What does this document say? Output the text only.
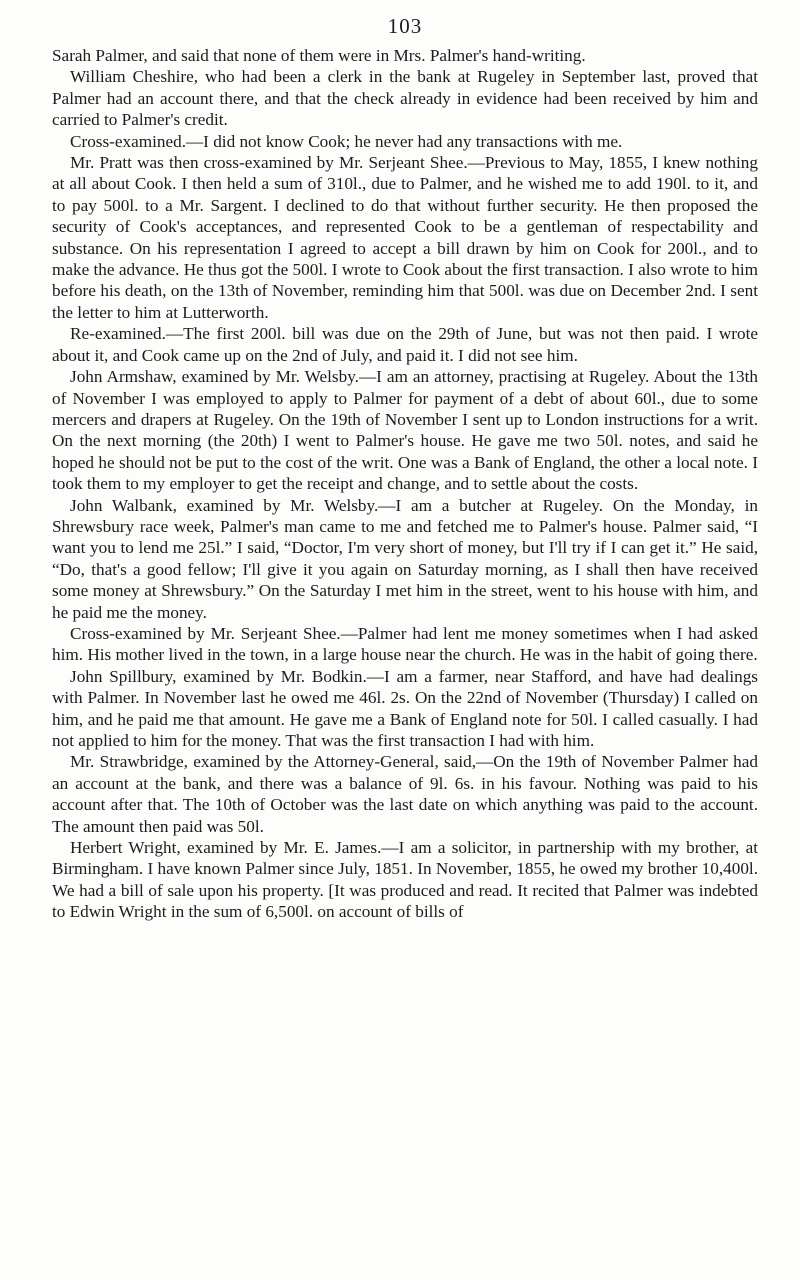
103

Sarah Palmer, and said that none of them were in Mrs. Palmer's hand-writing.

William Cheshire, who had been a clerk in the bank at Rugeley in September last, proved that Palmer had an account there, and that the check already in evidence had been received by him and carried to Palmer's credit.

Cross-examined.—I did not know Cook; he never had any transactions with me.

Mr. Pratt was then cross-examined by Mr. Serjeant Shee.—Previous to May, 1855, I knew nothing at all about Cook. I then held a sum of 310l., due to Palmer, and he wished me to add 190l. to it, and to pay 500l. to a Mr. Sargent. I declined to do that without further security. He then proposed the security of Cook's acceptances, and represented Cook to be a gentleman of respectability and substance. On his representation I agreed to accept a bill drawn by him on Cook for 200l., and to make the advance. He thus got the 500l. I wrote to Cook about the first transaction. I also wrote to him before his death, on the 13th of November, reminding him that 500l. was due on December 2nd. I sent the letter to him at Lutterworth.

Re-examined.—The first 200l. bill was due on the 29th of June, but was not then paid. I wrote about it, and Cook came up on the 2nd of July, and paid it. I did not see him.

John Armshaw, examined by Mr. Welsby.—I am an attorney, practising at Rugeley. About the 13th of November I was employed to apply to Palmer for payment of a debt of about 60l., due to some mercers and drapers at Rugeley. On the 19th of November I sent up to London instructions for a writ. On the next morning (the 20th) I went to Palmer's house. He gave me two 50l. notes, and said he hoped he should not be put to the cost of the writ. One was a Bank of England, the other a local note. I took them to my employer to get the receipt and change, and to settle about the costs.

John Walbank, examined by Mr. Welsby.—I am a butcher at Rugeley. On the Monday, in Shrewsbury race week, Palmer's man came to me and fetched me to Palmer's house. Palmer said, “I want you to lend me 25l.” I said, “Doctor, I'm very short of money, but I'll try if I can get it.” He said, “Do, that's a good fellow; I'll give it you again on Saturday morning, as I shall then have received some money at Shrewsbury.” On the Saturday I met him in the street, went to his house with him, and he paid me the money.

Cross-examined by Mr. Serjeant Shee.—Palmer had lent me money sometimes when I had asked him. His mother lived in the town, in a large house near the church. He was in the habit of going there.

John Spillbury, examined by Mr. Bodkin.—I am a farmer, near Stafford, and have had dealings with Palmer. In November last he owed me 46l. 2s. On the 22nd of November (Thursday) I called on him, and he paid me that amount. He gave me a Bank of England note for 50l. I called casually. I had not applied to him for the money. That was the first transaction I had with him.

Mr. Strawbridge, examined by the Attorney-General, said,—On the 19th of November Palmer had an account at the bank, and there was a balance of 9l. 6s. in his favour. Nothing was paid to his account after that. The 10th of October was the last date on which anything was paid to the account. The amount then paid was 50l.

Herbert Wright, examined by Mr. E. James.—I am a solicitor, in partnership with my brother, at Birmingham. I have known Palmer since July, 1851. In November, 1855, he owed my brother 10,400l. We had a bill of sale upon his property. [It was produced and read. It recited that Palmer was indebted to Edwin Wright in the sum of 6,500l. on account of bills of
